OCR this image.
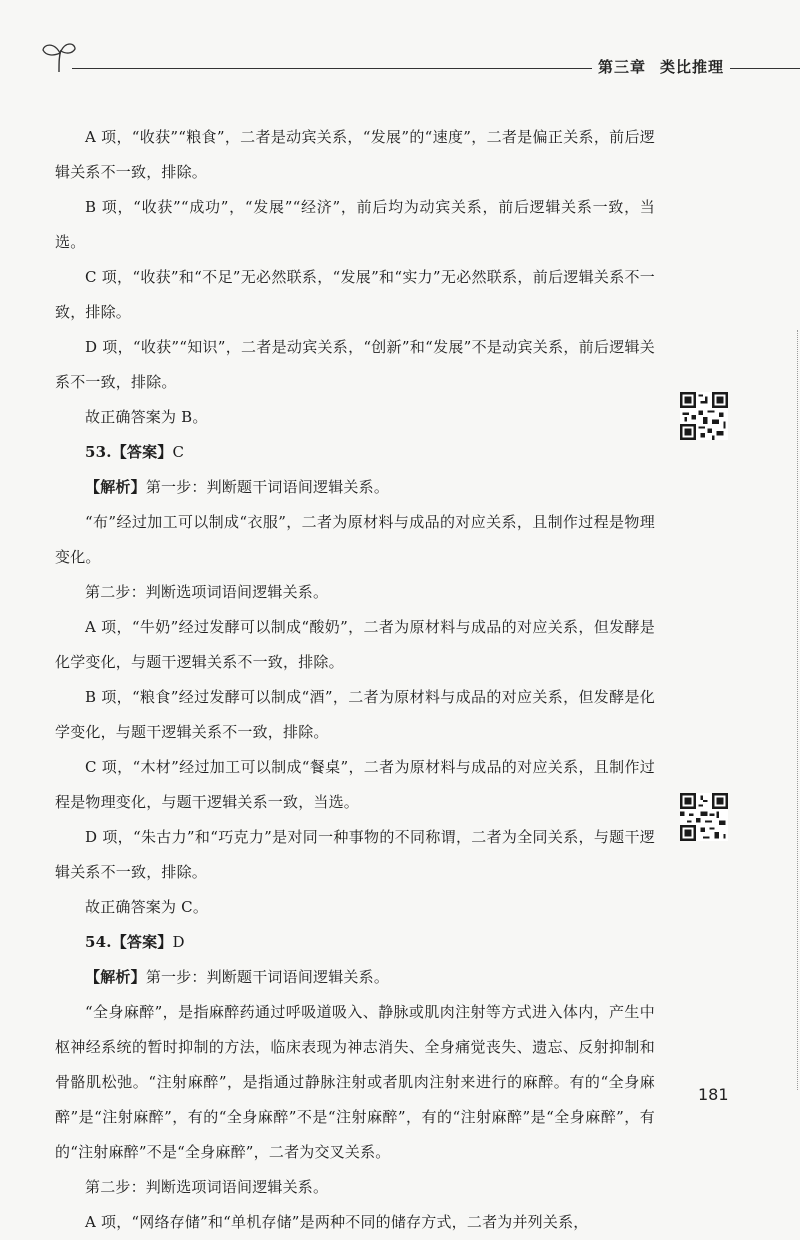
第三章 类比推理

A 项，“收获”“粮食”，二者是动宾关系，“发展”的“速度”，二者是偏正关系，前后逻辑关系不一致，排除。

B 项，“收获”“成功”，“发展”“经济”，前后均为动宾关系，前后逻辑关系一致，当选。

C 项，“收获”和“不足”无必然联系，“发展”和“实力”无必然联系，前后逻辑关系不一致，排除。

D 项，“收获”“知识”，二者是动宾关系，“创新”和“发展”不是动宾关系，前后逻辑关系不一致，排除。

故正确答案为 B。

53.【答案】C

【解析】第一步：判断题干词语间逻辑关系。

“布”经过加工可以制成“衣服”，二者为原材料与成品的对应关系，且制作过程是物理变化。

第二步：判断选项词语间逻辑关系。

A 项，“牛奶”经过发酵可以制成“酸奶”，二者为原材料与成品的对应关系，但发酵是化学变化，与题干逻辑关系不一致，排除。

B 项，“粮食”经过发酵可以制成“酒”，二者为原材料与成品的对应关系，但发酵是化学变化，与题干逻辑关系不一致，排除。

C 项，“木材”经过加工可以制成“餐桌”，二者为原材料与成品的对应关系，且制作过程是物理变化，与题干逻辑关系一致，当选。

D 项，“朱古力”和“巧克力”是对同一种事物的不同称谓，二者为全同关系，与题干逻辑关系不一致，排除。

故正确答案为 C。

54.【答案】D

【解析】第一步：判断题干词语间逻辑关系。

“全身麻醉”，是指麻醉药通过呼吸道吸入、静脉或肌肉注射等方式进入体内，产生中枢神经系统的暂时抑制的方法，临床表现为神志消失、全身痛觉丧失、遗忘、反射抑制和骨骼肌松弛。“注射麻醉”，是指通过静脉注射或者肌肉注射来进行的麻醉。有的“全身麻醉”是“注射麻醉”，有的“全身麻醉”不是“注射麻醉”，有的“注射麻醉”是“全身麻醉”，有的“注射麻醉”不是“全身麻醉”，二者为交叉关系。

第二步：判断选项词语间逻辑关系。

A 项，“网络存储”和“单机存储”是两种不同的储存方式，二者为并列关系，

181
